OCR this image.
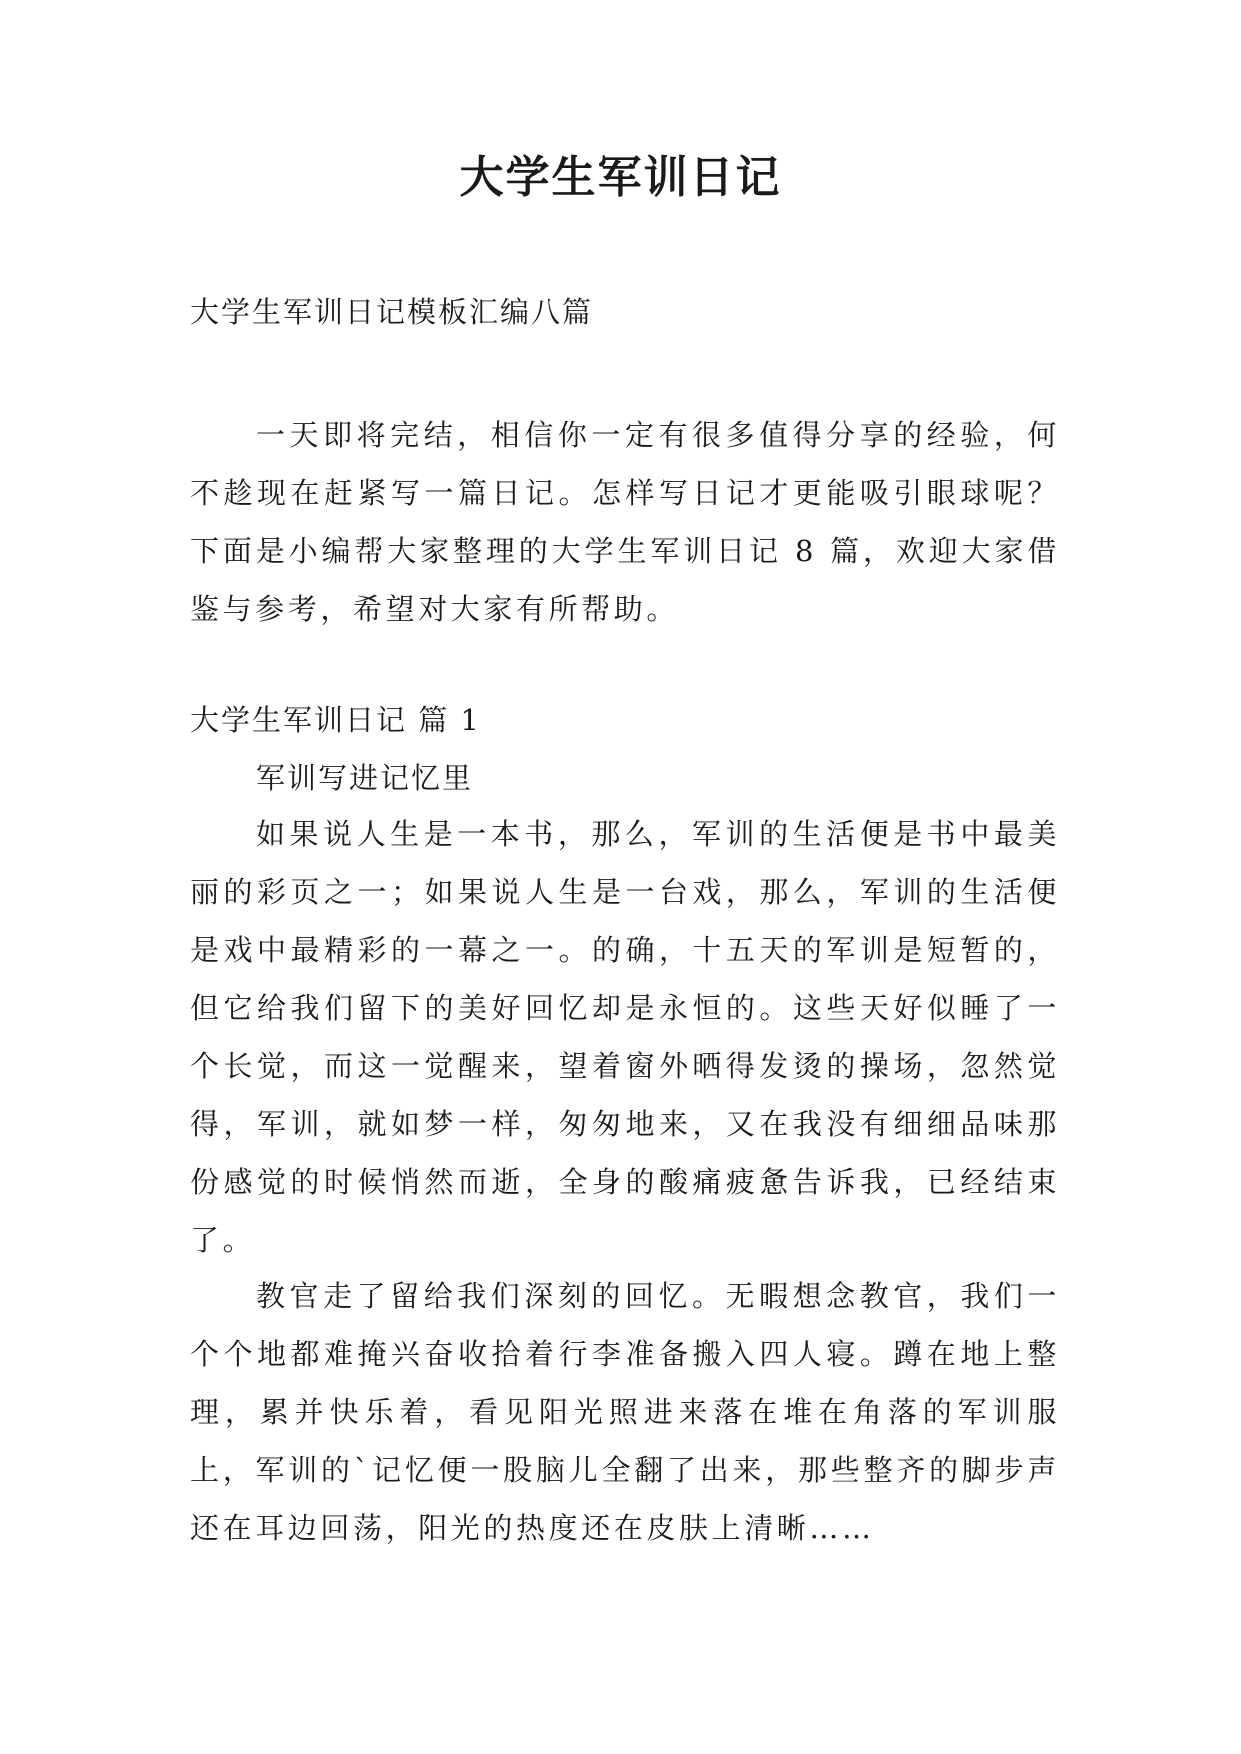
大学生军训日记

大学生军训日记模板汇编八篇

一天即将完结，相信你一定有很多值得分享的经验，何不趁现在赶紧写一篇日记。怎样写日记才更能吸引眼球呢？下面是小编帮大家整理的大学生军训日记 8 篇，欢迎大家借鉴与参考，希望对大家有所帮助。

大学生军训日记 篇 1

军训写进记忆里

如果说人生是一本书，那么，军训的生活便是书中最美丽的彩页之一；如果说人生是一台戏，那么，军训的生活便是戏中最精彩的一幕之一。的确，十五天的军训是短暂的，但它给我们留下的美好回忆却是永恒的。这些天好似睡了一个长觉，而这一觉醒来，望着窗外晒得发烫的操场，忽然觉得，军训，就如梦一样，匆匆地来，又在我没有细细品味那份感觉的时候悄然而逝，全身的酸痛疲惫告诉我，已经结束了。

教官走了留给我们深刻的回忆。无暇想念教官，我们一个个地都难掩兴奋收拾着行李准备搬入四人寝。蹲在地上整理，累并快乐着，看见阳光照进来落在堆在角落的军训服上，军训的`记忆便一股脑儿全翻了出来，那些整齐的脚步声还在耳边回荡，阳光的热度还在皮肤上清晰……
